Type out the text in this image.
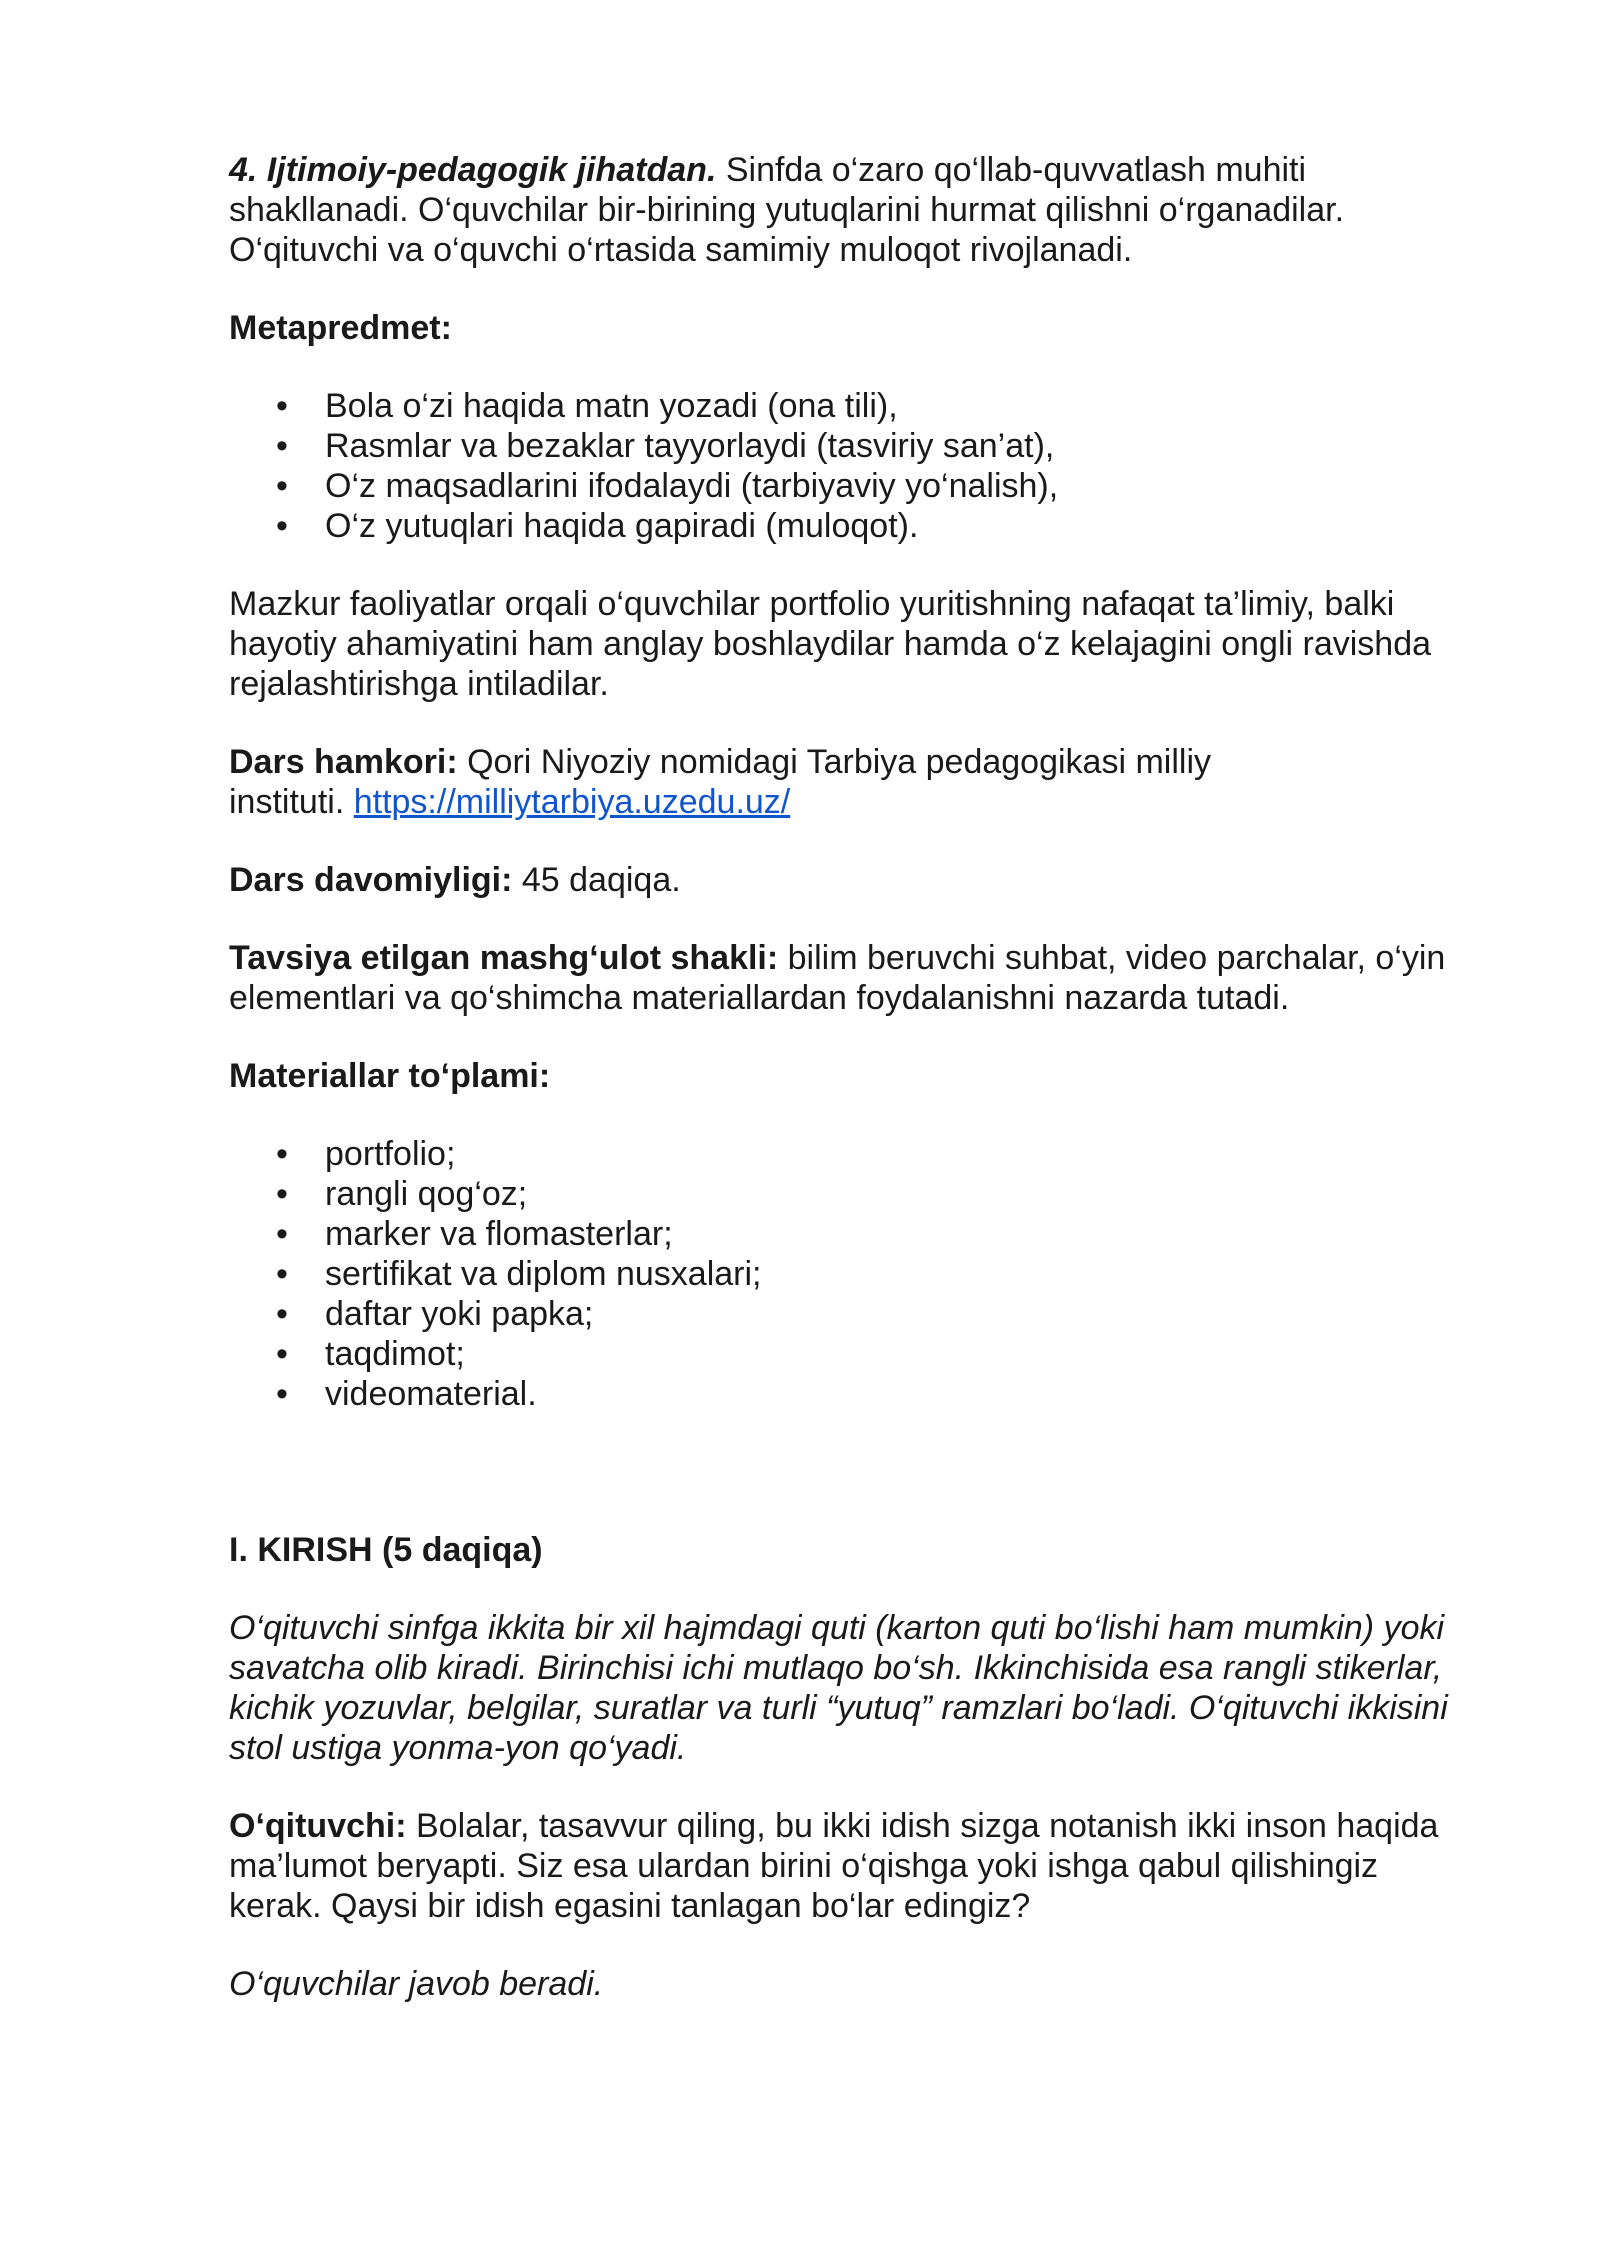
4. Ijtimoiy-pedagogik jihatdan. Sinfda o‘zaro qo‘llab-quvvatlash muhiti
shakllanadi. O‘quvchilar bir-birining yutuqlarini hurmat qilishni o‘rganadilar.
O‘qituvchi va o‘quvchi o‘rtasida samimiy muloqot rivojlanadi.

Metapredmet:

• Bola o‘zi haqida matn yozadi (ona tili),
• Rasmlar va bezaklar tayyorlaydi (tasviriy san’at),
• O‘z maqsadlarini ifodalaydi (tarbiyaviy yo‘nalish),
• O‘z yutuqlari haqida gapiradi (muloqot).

Mazkur faoliyatlar orqali o‘quvchilar portfolio yuritishning nafaqat ta’limiy, balki
hayotiy ahamiyatini ham anglay boshlaydilar hamda o‘z kelajagini ongli ravishda
rejalashtirishga intiladilar.

Dars hamkori: Qori Niyoziy nomidagi Tarbiya pedagogikasi milliy
instituti. https://milliytarbiya.uzedu.uz/

Dars davomiyligi: 45 daqiqa.

Tavsiya etilgan mashg‘ulot shakli: bilim beruvchi suhbat, video parchalar, o‘yin
elementlari va qo‘shimcha materiallardan foydalanishni nazarda tutadi.

Materiallar to‘plami:

• portfolio;
• rangli qog‘oz;
• marker va flomasterlar;
• sertifikat va diplom nusxalari;
• daftar yoki papka;
• taqdimot;
• videomaterial.

I. KIRISH (5 daqiqa)

O‘qituvchi sinfga ikkita bir xil hajmdagi quti (karton quti bo‘lishi ham mumkin) yoki
savatcha olib kiradi. Birinchisi ichi mutlaqo bo‘sh. Ikkinchisida esa rangli stikerlar,
kichik yozuvlar, belgilar, suratlar va turli “yutuq” ramzlari bo‘ladi. O‘qituvchi ikkisini
stol ustiga yonma-yon qo‘yadi.

O‘qituvchi: Bolalar, tasavvur qiling, bu ikki idish sizga notanish ikki inson haqida
ma’lumot beryapti. Siz esa ulardan birini o‘qishga yoki ishga qabul qilishingiz
kerak. Qaysi bir idish egasini tanlagan bo‘lar edingiz?

O‘quvchilar javob beradi.
